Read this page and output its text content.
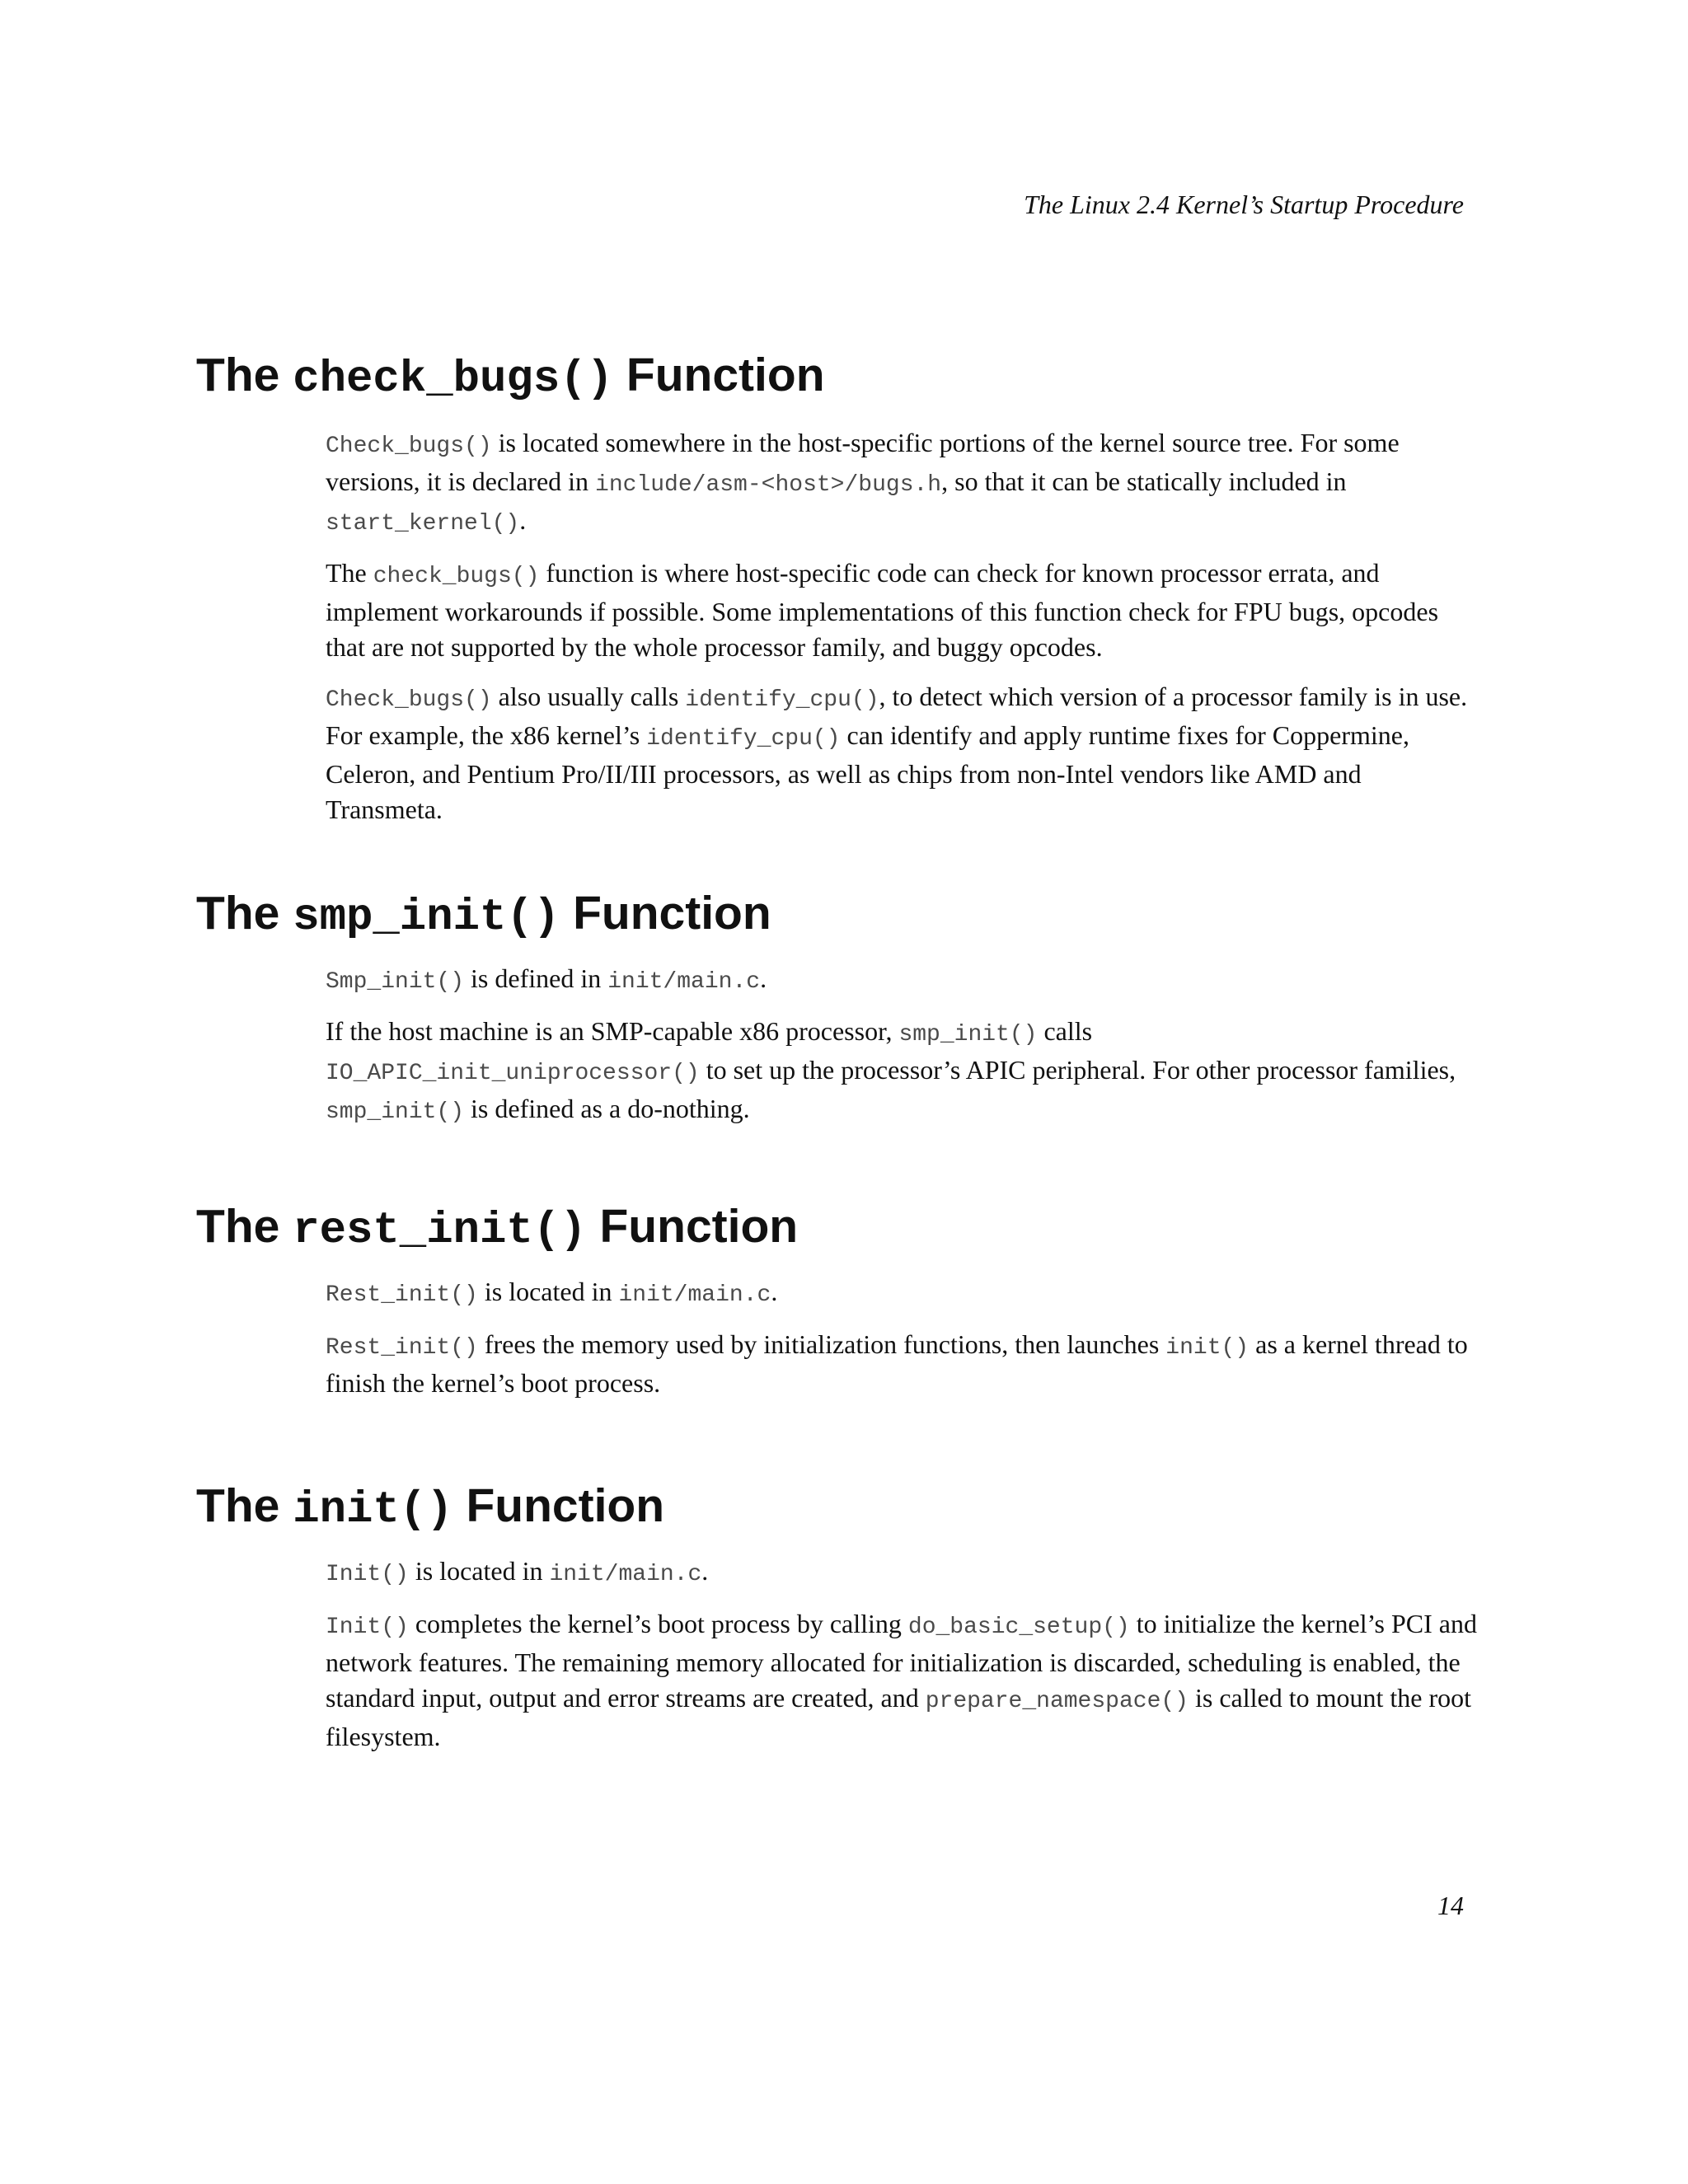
The Linux 2.4 Kernel’s Startup Procedure

The check_bugs() Function

Check_bugs() is located somewhere in the host-specific portions of the kernel source tree. For some versions, it is declared in include/asm-<host>/bugs.h, so that it can be statically included in start_kernel().

The check_bugs() function is where host-specific code can check for known processor errata, and implement workarounds if possible. Some implementations of this function check for FPU bugs, opcodes that are not supported by the whole processor family, and buggy opcodes.

Check_bugs() also usually calls identify_cpu(), to detect which version of a processor family is in use. For example, the x86 kernel’s identify_cpu() can identify and apply runtime fixes for Coppermine, Celeron, and Pentium Pro/II/III processors, as well as chips from non-Intel vendors like AMD and Transmeta.

The smp_init() Function

Smp_init() is defined in init/main.c.

If the host machine is an SMP-capable x86 processor, smp_init() calls
IO_APIC_init_uniprocessor() to set up the processor’s APIC peripheral. For other processor families, smp_init() is defined as a do-nothing.

The rest_init() Function

Rest_init() is located in init/main.c.

Rest_init() frees the memory used by initialization functions, then launches init() as a kernel thread to finish the kernel’s boot process.

The init() Function

Init() is located in init/main.c.

Init() completes the kernel’s boot process by calling do_basic_setup() to initialize the kernel’s PCI and network features. The remaining memory allocated for initialization is discarded, scheduling is enabled, the standard input, output and error streams are created, and prepare_namespace() is called to mount the root filesystem.

14
